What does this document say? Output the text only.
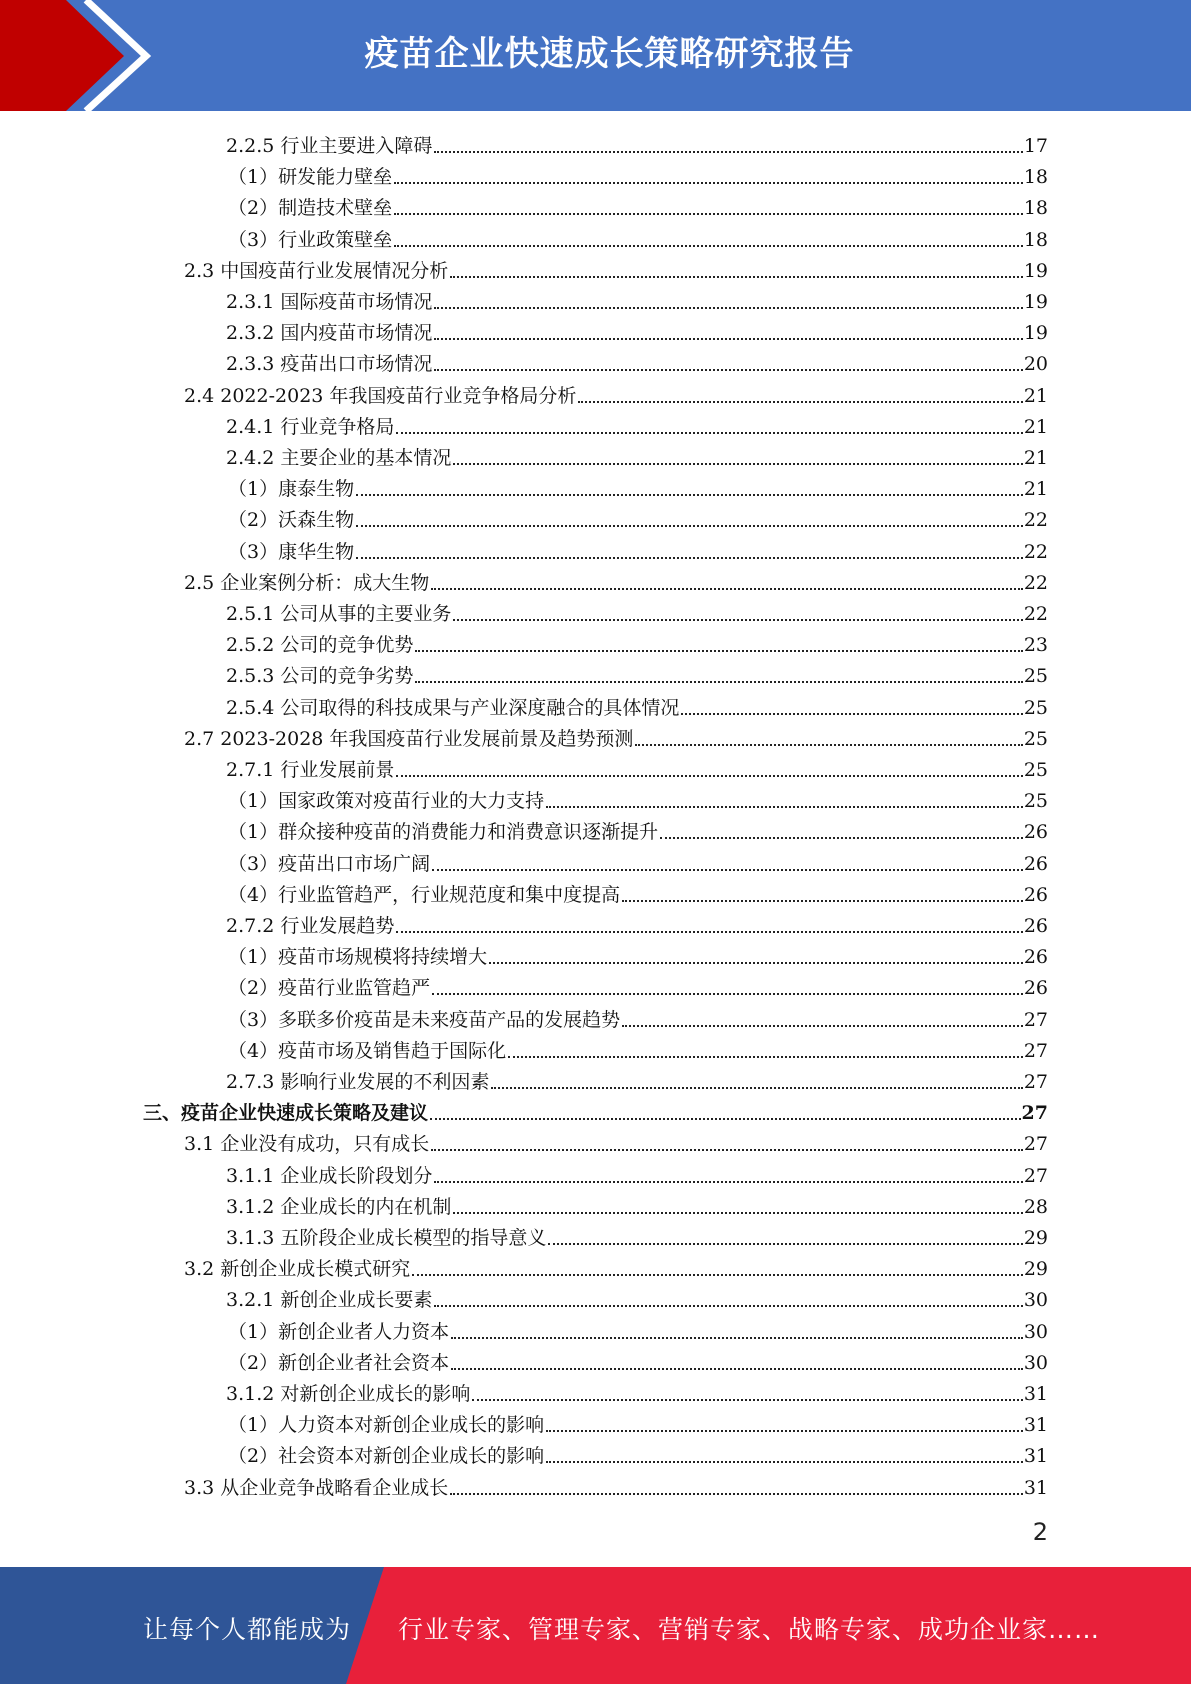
疫苗企业快速成长策略研究报告
2.2.5 行业主要进入障碍	17
（1）研发能力壁垒	18
（2）制造技术壁垒	18
（3）行业政策壁垒	18
2.3 中国疫苗行业发展情况分析	19
2.3.1 国际疫苗市场情况	19
2.3.2 国内疫苗市场情况	19
2.3.3 疫苗出口市场情况	20
2.4 2022-2023 年我国疫苗行业竞争格局分析	21
2.4.1 行业竞争格局	21
2.4.2 主要企业的基本情况	21
（1）康泰生物	21
（2）沃森生物	22
（3）康华生物	22
2.5 企业案例分析：成大生物	22
2.5.1 公司从事的主要业务	22
2.5.2 公司的竞争优势	23
2.5.3 公司的竞争劣势	25
2.5.4 公司取得的科技成果与产业深度融合的具体情况	25
2.7 2023-2028 年我国疫苗行业发展前景及趋势预测	25
2.7.1 行业发展前景	25
（1）国家政策对疫苗行业的大力支持	25
（1）群众接种疫苗的消费能力和消费意识逐渐提升	26
（3）疫苗出口市场广阔	26
（4）行业监管趋严，行业规范度和集中度提高	26
2.7.2 行业发展趋势	26
（1）疫苗市场规模将持续增大	26
（2）疫苗行业监管趋严	26
（3）多联多价疫苗是未来疫苗产品的发展趋势	27
（4）疫苗市场及销售趋于国际化	27
2.7.3 影响行业发展的不利因素	27
三、疫苗企业快速成长策略及建议	27
3.1 企业没有成功，只有成长	27
3.1.1 企业成长阶段划分	27
3.1.2 企业成长的内在机制	28
3.1.3 五阶段企业成长模型的指导意义	29
3.2 新创企业成长模式研究	29
3.2.1 新创企业成长要素	30
（1）新创企业者人力资本	30
（2）新创企业者社会资本	30
3.1.2 对新创企业成长的影响	31
（1）人力资本对新创企业成长的影响	31
（2）社会资本对新创企业成长的影响	31
3.3 从企业竞争战略看企业成长	31
2
让每个人都能成为 行业专家、管理专家、营销专家、战略专家、成功企业家……
